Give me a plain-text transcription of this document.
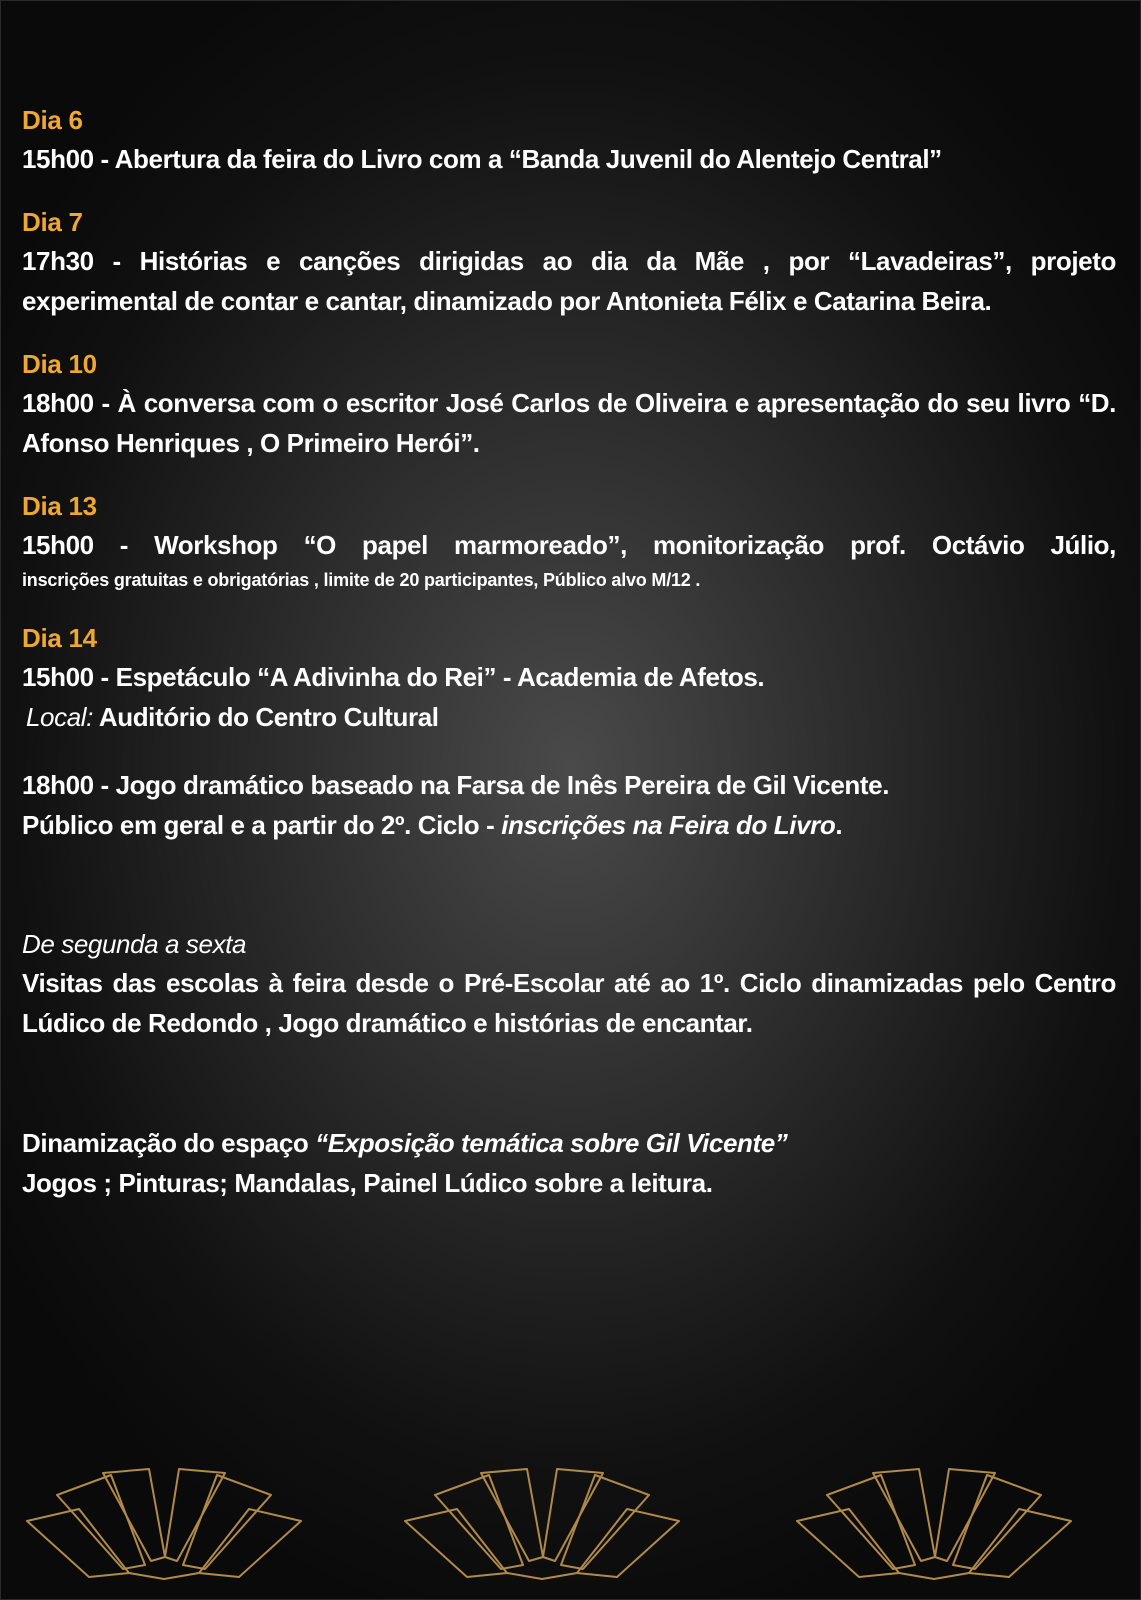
Dia 6
15h00 - Abertura da feira do Livro com a “Banda Juvenil do Alentejo Central”
Dia 7
17h30 - Histórias e canções dirigidas ao dia da Mãe , por “Lavadeiras”, projeto experimental de contar e cantar, dinamizado por Antonieta Félix e Catarina Beira.
Dia 10
18h00 - À conversa com o escritor José Carlos de Oliveira e apresentação do seu livro “D. Afonso Henriques , O Primeiro Herói”.
Dia 13
15h00 - Workshop “O papel marmoreado”, monitorização prof. Octávio Júlio,
inscrições gratuitas e obrigatórias , limite de 20 participantes, Público alvo M/12 .
Dia 14
15h00 - Espetáculo “A Adivinha do Rei” - Academia de Afetos.
Local: Auditório do Centro Cultural
18h00 - Jogo dramático baseado na Farsa de Inês Pereira de Gil Vicente.
Público em geral e a partir do 2º. Ciclo - inscrições na Feira do Livro.
De segunda a sexta
Visitas das escolas à feira desde o Pré-Escolar até ao 1º. Ciclo dinamizadas pelo Centro Lúdico de Redondo , Jogo dramático e histórias de encantar.
Dinamização do espaço “Exposição temática sobre Gil Vicente”
Jogos ; Pinturas; Mandalas, Painel Lúdico sobre a leitura.
